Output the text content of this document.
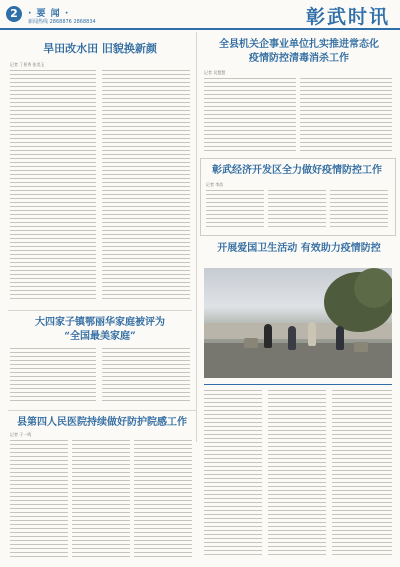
2	· 要 闻 ·
新闻热线 2868876 2868834	彰武时讯
旱田改水田 旧貌换新颜
记者 丁景秀 张美玉
大四家子镇鄂丽华家庭被评为
“全国最美家庭”
县第四人民医院持续做好防护院感工作
记者 于一鸣
全县机关企事业单位扎实推进常态化
疫情防控清毒消杀工作
记者 吴慧慧
彰武经济开发区全力做好疫情防控工作
记者 李浩
开展爱国卫生活动 有效助力疫情防控
